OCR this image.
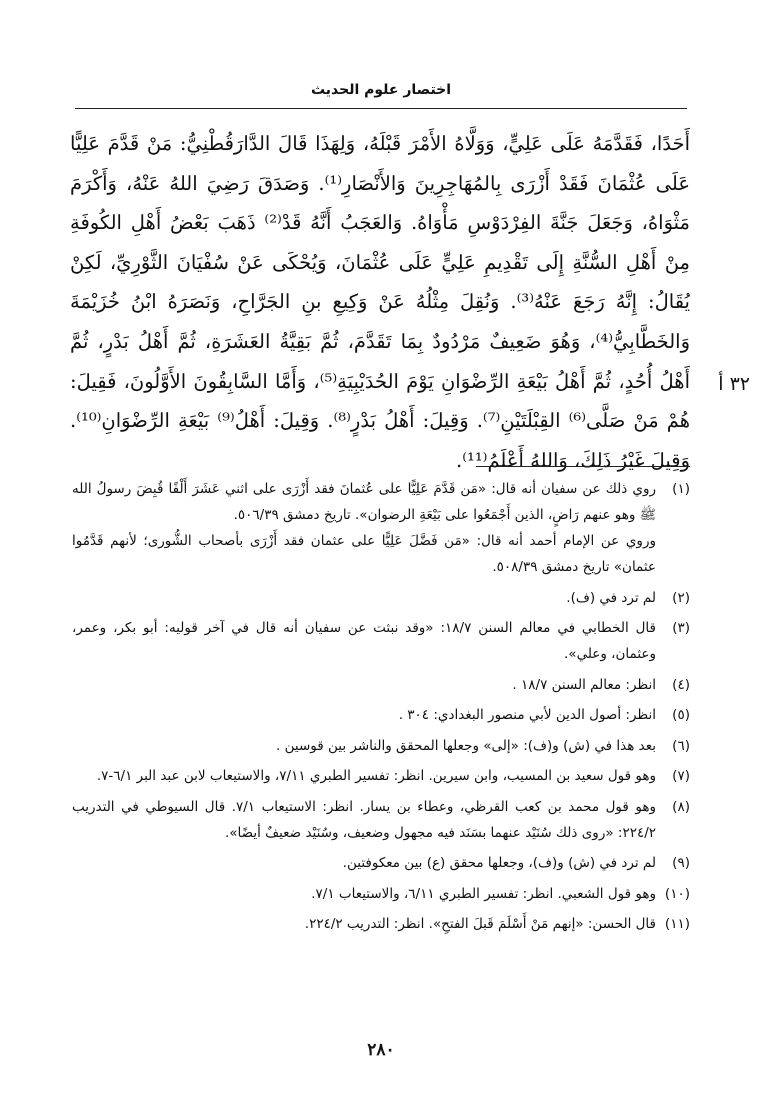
اختصار علوم الحديث
٣٢ أ

أَحَدًا، فَقَدَّمَهُ عَلَى عَلِيٍّ، وَوَلَّاهُ الأَمْرَ قَبْلَهُ، وَلِهَذَا قَالَ الدَّارَقُطْنِيُّ: مَنْ قَدَّمَ عَلِيًّا عَلَى عُثْمَانَ فَقَدْ أَزْرَى بِالمُهَاجِرِينَ وَالأَنْصَارِ⁽¹⁾. وَصَدَقَ رَضِيَ اللهُ عَنْهُ، وَأَكْرَمَ مَثْوَاهُ، وَجَعَلَ جَنَّةَ الفِرْدَوْسِ مَأْوَاهُ. وَالعَجَبُ أَنَّهُ قَدْ⁽²⁾ ذَهَبَ بَعْضُ أَهْلِ الكُوفَةِ مِنْ أَهْلِ السُّنَّةِ إِلَى تَقْدِيمِ عَلِيٍّ عَلَى عُثْمَانَ، وَيُحْكَى عَنْ سُفْيَانَ الثَّوْرِيِّ، لَكِنْ يُقَالُ: إِنَّهُ رَجَعَ عَنْهُ⁽³⁾. وَنُقِلَ مِثْلُهُ عَنْ وَكِيعِ بنِ الجَرَّاحِ، وَنَصَرَهُ ابْنُ خُزَيْمَةَ وَالخَطَّابِيُّ⁽⁴⁾، وَهُوَ ضَعِيفٌ مَرْدُودٌ بِمَا تَقَدَّمَ، ثُمَّ بَقِيَّةُ العَشَرَةِ، ثُمَّ أَهْلُ بَدْرٍ، ثُمَّ أَهْلُ أُحُدٍ، ثُمَّ أَهْلُ بَيْعَةِ الرِّضْوَانِ يَوْمَ الحُدَيْبِيَةِ⁽⁵⁾، وَأَمَّا السَّابِقُونَ الأَوَّلُونَ، فَقِيلَ: هُمْ مَنْ صَلَّى⁽⁶⁾ القِبْلَتَيْنِ⁽⁷⁾. وَقِيلَ: أَهْلُ بَدْرٍ⁽⁸⁾. وَقِيلَ: أَهْلُ⁽⁹⁾ بَيْعَةِ الرِّضْوَانِ⁽¹⁰⁾. وَقِيلَ غَيْرُ ذَلِكَ، وَاللهُ أَعْلَمُ⁽¹¹⁾.

(١)روي ذلك عن سفيان أنه قال: «مَن قَدَّمَ عَلِيًّا على عُثمانَ فقد أَزْرَى على اثني عَشَرَ أَلْفًا قُبِضَ رسولُ الله ﷺ وهو عنهم رَاضٍ، الذين أَجْمَعُوا على بَيْعَةِ الرضوان». تاريخ دمشق ٥٠٦/٣٩.
وروي عن الإمام أحمد أنه قال: «مَن فَضَّلَ عَلِيًّا على عثمان فقد أَزْرَى بأصحاب الشُّورى؛ لأنهم قَدَّمُوا عثمان» تاريخ دمشق ٥٠٨/٣٩.

(٢)لم ترد في (ف).

(٣)قال الخطابي في معالم السنن ١٨/٧: «وقد نبثت عن سفيان أنه قال في آخر قوليه: أبو بكر، وعمر، وعثمان، وعلي».

(٤)انظر: معالم السنن ١٨/٧ .

(٥)انظر: أصول الدين لأبي منصور البغدادي: ٣٠٤ .

(٦)بعد هذا في (ش) و(ف): «إلى» وجعلها المحقق والناشر بين قوسين .

(٧)وهو قول سعيد بن المسيب، وابن سيرين. انظر: تفسير الطبري ٧/١١، والاستيعاب لابن عبد البر ٦/١-٧.

(٨)وهو قول محمد بن كعب القرظي، وعطاء بن يسار. انظر: الاستيعاب ٧/١. قال السيوطي في التدريب ٢٢٤/٢: «روى ذلك سُنَيْد عنهما بسَنَد فيه مجهول وضعيف، وسُنَيْد ضعيفٌ أيضًا».

(٩)لم ترد في (ش) و(ف)، وجعلها محقق (ع) بين معكوفتين.

(١٠)وهو قول الشعبي. انظر: تفسير الطبري ٦/١١، والاستيعاب ٧/١.

(١١)قال الحسن: «إنهم مَنْ أَسْلَمَ قَبلَ الفتحِ». انظر: التدريب ٢٢٤/٢.

٢٨٠
